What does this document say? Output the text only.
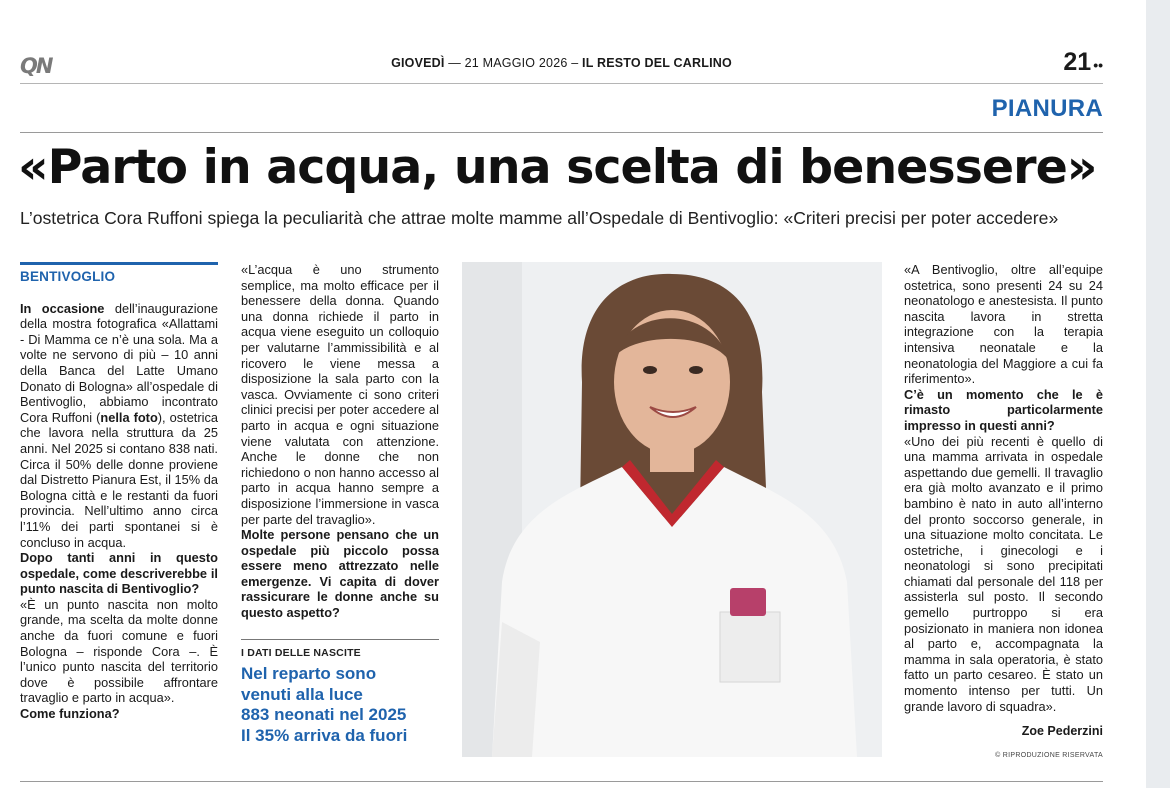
QN	GIOVEDÌ — 21 MAGGIO 2026 – IL RESTO DEL CARLINO	21 ••
PIANURA
«Parto in acqua, una scelta di benessere»
L’ostetrica Cora Ruffoni spiega la peculiarità che attrae molte mamme all’Ospedale di Bentivoglio: «Criteri precisi per poter accedere»
BENTIVOGLIO

In occasione dell’inaugurazione della mostra fotografica «Allattami - Di Mamma ce n’è una sola. Ma a volte ne servono di più – 10 anni della Banca del Latte Umano Donato di Bologna» all’ospedale di Bentivoglio, abbiamo incontrato Cora Ruffoni (nella foto), ostetrica che lavora nella struttura da 25 anni. Nel 2025 si contano 838 nati. Circa il 50% delle donne proviene dal Distretto Pianura Est, il 15% da Bologna città e le restanti da fuori provincia. Nell’ultimo anno circa l’11% dei parti spontanei si è concluso in acqua.

Dopo tanti anni in questo ospedale, come descriverebbe il punto nascita di Bentivoglio?

«È un punto nascita non molto grande, ma scelta da molte donne anche da fuori comune e fuori Bologna – risponde Cora –. È l’unico punto nascita del territorio dove è possibile affrontare travaglio e parto in acqua».

Come funziona?

«L’acqua è uno strumento semplice, ma molto efficace per il benessere della donna. Quando una donna richiede il parto in acqua viene eseguito un colloquio per valutarne l’ammissibilità e al ricovero le viene messa a disposizione la sala parto con la vasca. Ovviamente ci sono criteri clinici precisi per poter accedere al parto in acqua e ogni situazione viene valutata con attenzione. Anche le donne che non richiedono o non hanno accesso al parto in acqua hanno sempre a disposizione l’immersione in vasca per parte del travaglio».

Molte persone pensano che un ospedale più piccolo possa essere meno attrezzato nelle emergenze. Vi capita di dover rassicurare le donne anche su questo aspetto?

I DATI DELLE NASCITE
Nel reparto sono
venuti alla luce
883 neonati nel 2025
Il 35% arriva da fuori

«A Bentivoglio, oltre all’equipe ostetrica, sono presenti 24 su 24 neonatologo e anestesista. Il punto nascita lavora in stretta integrazione con la terapia intensiva neonatale e la neonatologia del Maggiore a cui fa riferimento».

C’è un momento che le è rimasto particolarmente impresso in questi anni?

«Uno dei più recenti è quello di una mamma arrivata in ospedale aspettando due gemelli. Il travaglio era già molto avanzato e il primo bambino è nato in auto all’interno del pronto soccorso generale, in una situazione molto concitata. Le ostetriche, i ginecologi e i neonatologi si sono precipitati chiamati dal personale del 118 per assisterla sul posto. Il secondo gemello purtroppo si era posizionato in maniera non idonea al parto e, accompagnata la mamma in sala operatoria, è stato fatto un parto cesareo. È stato un momento intenso per tutti. Un grande lavoro di squadra».

Zoe Pederzini
© RIPRODUZIONE RISERVATA
